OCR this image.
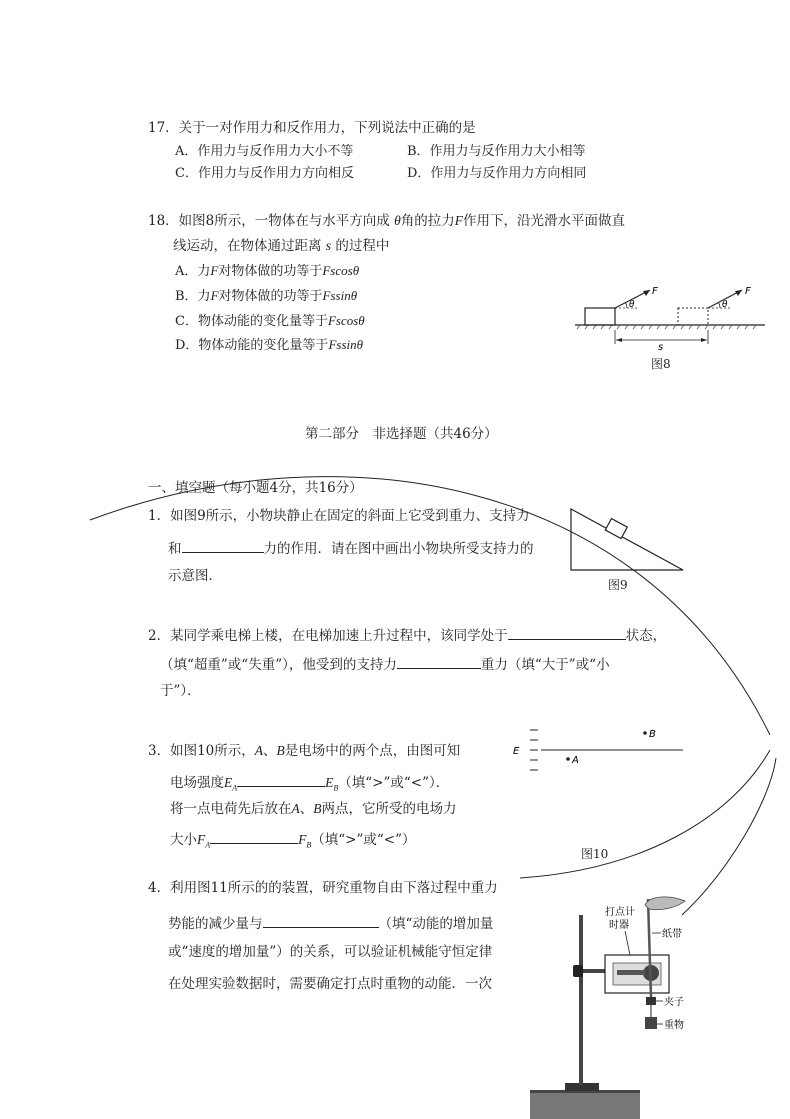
17．关于一对作用力和反作用力，下列说法中正确的是
A．作用力与反作用力大小不等	B．作用力与反作用力大小相等
C．作用力与反作用力方向相反	D．作用力与反作用力方向相同
18．如图8所示，一物体在与水平方向成 θ角的拉力F作用下，沿光滑水平面做直
线运动，在物体通过距离 s 的过程中
A．力F对物体做的功等于Fscosθ
B．力F对物体做的功等于Fssinθ
C．物体动能的变化量等于Fscosθ
D．物体动能的变化量等于Fssinθ
θ
F
θ
F
s
图8
第二部分　非选择题（共46分）
一、填空题（每小题4分，共16分）
1．如图9所示，小物块静止在固定的斜面上它受到重力、支持力
和	力的作用．请在图中画出小物块所受支持力的
示意图．
图9
2．某同学乘电梯上楼，在电梯加速上升过程中，该同学处于	状态，
（填“超重”或“失重”），他受到的支持力	重力（填“大于”或“小
于”）．
3．如图10所示，A、B是电场中的两个点，由图可知
电场强度$E_A$	$E_B$（填“>”或“<”）．
将一点电荷先后放在A、B两点，它所受的电场力
大小$F_A$	$F_B$（填“>”或“<”）
E
B
A
图10
4．利用图11所示的的装置，研究重物自由下落过程中重力
势能的减少量与	（填“动能的增加量
或“速度的增加量”）的关系，可以验证机械能守恒定律
在处理实验数据时，需要确定打点时重物的动能．一次
打点计
时器
纸带
夹子
重物
